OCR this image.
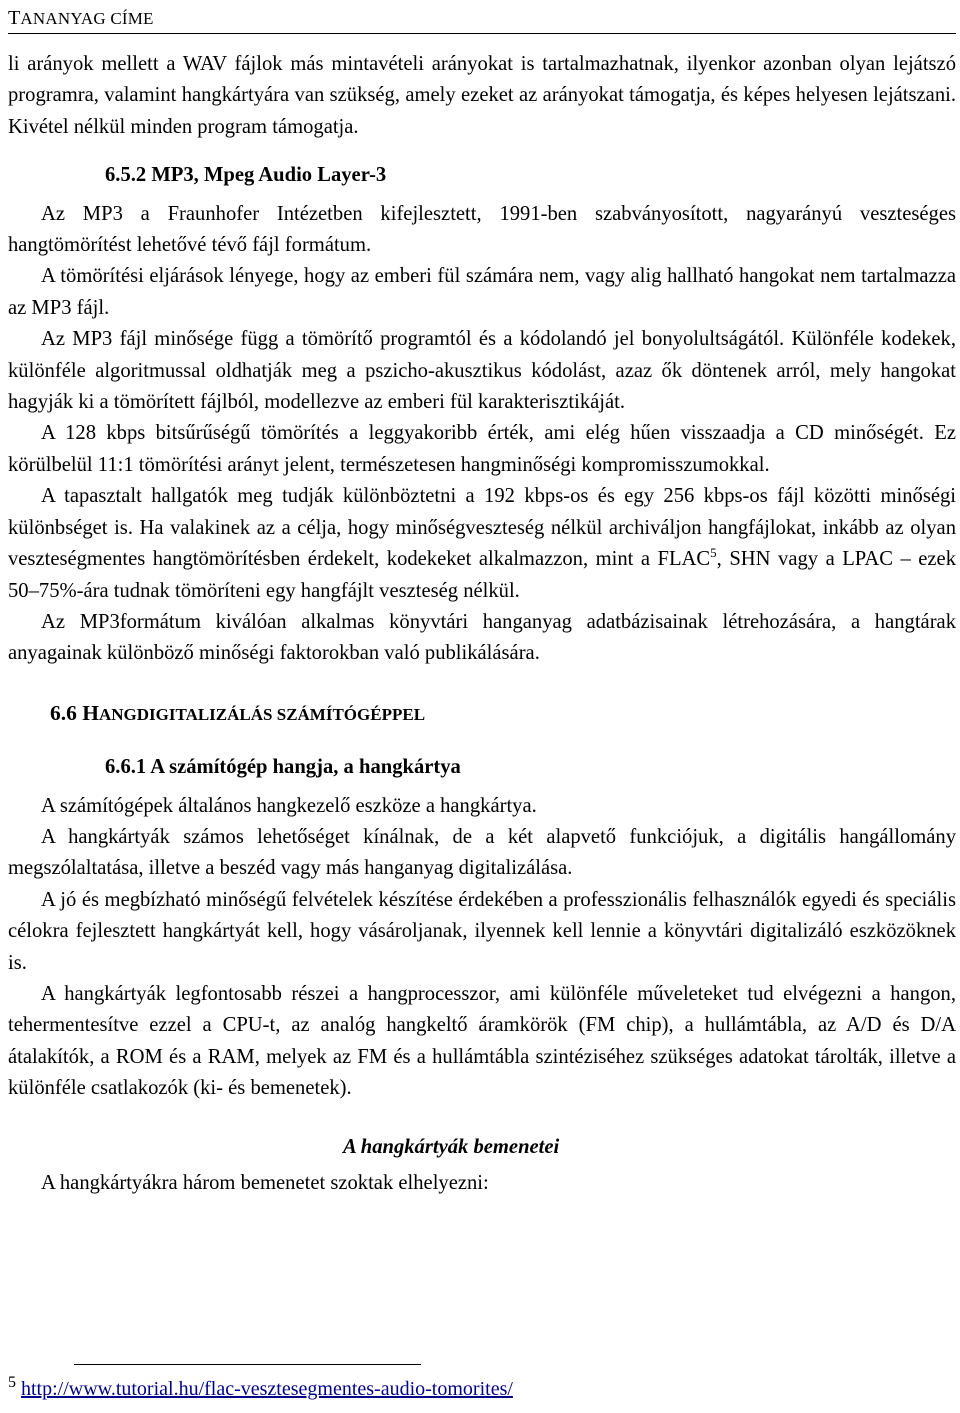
TANANYAG CÍME

li arányok mellett a WAV fájlok más mintavételi arányokat is tartalmazhatnak, ilyenkor azonban olyan lejátszó programra, valamint hangkártyára van szükség, amely ezeket az arányokat támogatja, és képes helyesen lejátszani. Kivétel nélkül minden program támogatja.

6.5.2 MP3, Mpeg Audio Layer-3

Az MP3 a Fraunhofer Intézetben kifejlesztett, 1991-ben szabványosított, nagyarányú veszteséges hangtömörítést lehetővé tévő fájl formátum.

A tömörítési eljárások lényege, hogy az emberi fül számára nem, vagy alig hallható hangokat nem tartalmazza az MP3 fájl.

Az MP3 fájl minősége függ a tömörítő programtól és a kódolandó jel bonyolultságától. Különféle kodekek, különféle algoritmussal oldhatják meg a pszicho-akusztikus kódolást, azaz ők döntenek arról, mely hangokat hagyják ki a tömörített fájlból, modellezve az emberi fül karakterisztikáját.

A 128 kbps bitsűrűségű tömörítés a leggyakoribb érték, ami elég hűen visszaadja a CD minőségét. Ez körülbelül 11:1 tömörítési arányt jelent, természetesen hangminőségi kompromisszumokkal.

A tapasztalt hallgatók meg tudják különböztetni a 192 kbps-os és egy 256 kbps-os fájl közötti minőségi különbséget is. Ha valakinek az a célja, hogy minőségveszteség nélkül archiváljon hangfájlokat, inkább az olyan veszteségmentes hangtömörítésben érdekelt, kodekeket alkalmazzon, mint a FLAC$^5$, SHN vagy a LPAC – ezek 50–75%-ára tudnak tömöríteni egy hangfájlt veszteség nélkül.

Az MP3formátum kiválóan alkalmas könyvtári hanganyag adatbázisainak létrehozására, a hangtárak anyagainak különböző minőségi faktorokban való publikálására.

6.6 HANGDIGITALIZÁLÁS SZÁMÍTÓGÉPPEL

6.6.1 A számítógép hangja, a hangkártya

A számítógépek általános hangkezelő eszköze a hangkártya.

A hangkártyák számos lehetőséget kínálnak, de a két alapvető funkciójuk, a digitális hangállomány megszólaltatása, illetve a beszéd vagy más hanganyag digitalizálása.

A jó és megbízható minőségű felvételek készítése érdekében a professzionális felhasználók egyedi és speciális célokra fejlesztett hangkártyát kell, hogy vásároljanak, ilyennek kell lennie a könyvtári digitalizáló eszközöknek is.

A hangkártyák legfontosabb részei a hangprocesszor, ami különféle műveleteket tud elvégezni a hangon, tehermentesítve ezzel a CPU-t, az analóg hangkeltő áramkörök (FM chip), a hullámtábla, az A/D és D/A átalakítók, a ROM és a RAM, melyek az FM és a hullámtábla szintéziséhez szükséges adatokat tárolták, illetve a különféle csatlakozók (ki- és bemenetek).

A hangkártyák bemenetei

A hangkártyákra három bemenetet szoktak elhelyezni:

$^5$ http://www.tutorial.hu/flac-vesztesegmentes-audio-tomorites/
